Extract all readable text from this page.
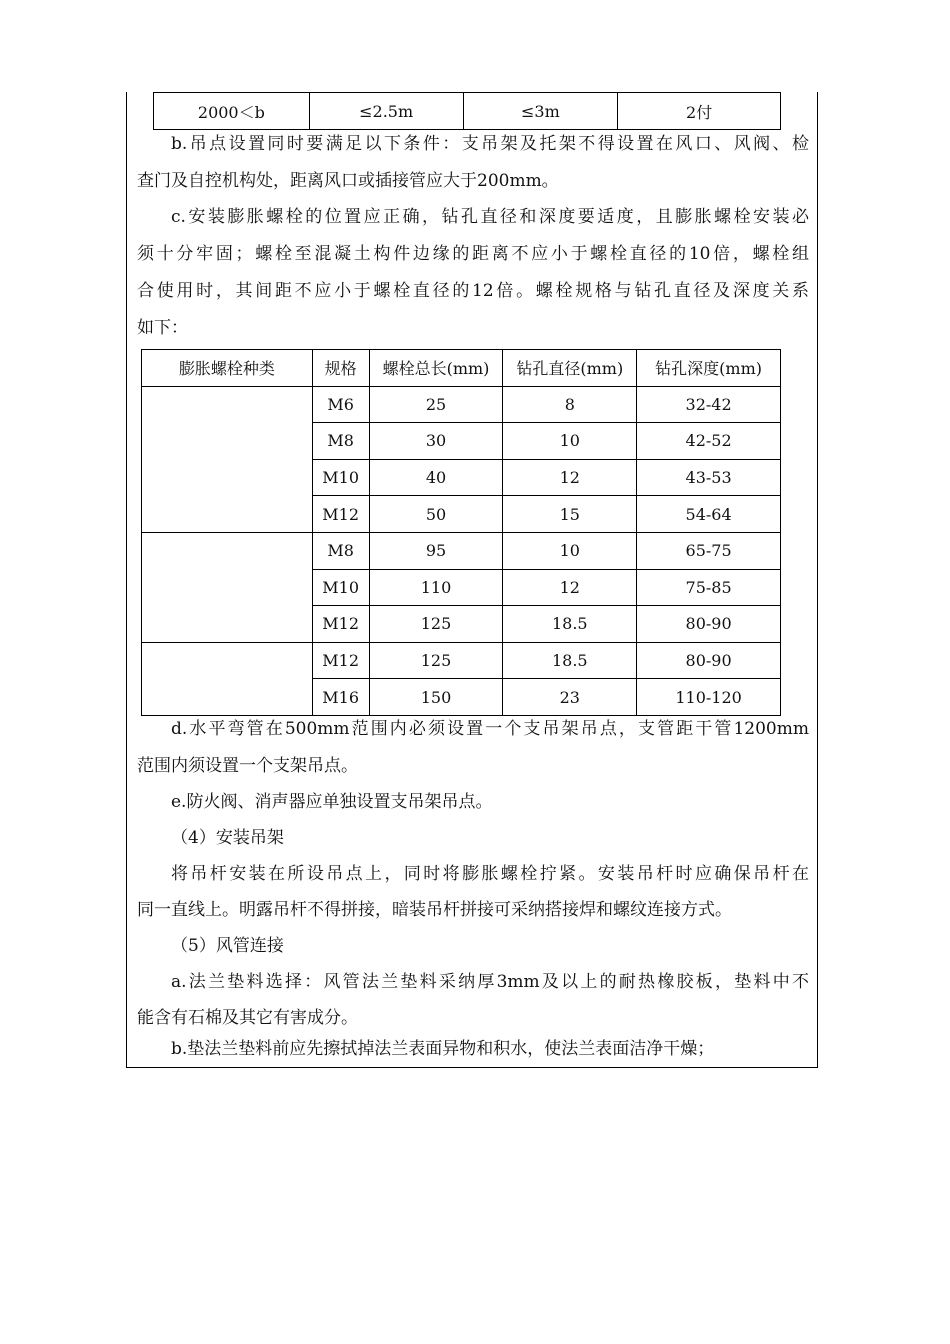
2000＜b	≤2.5m	≤3m	2付

b.吊点设置同时要满足以下条件：支吊架及托架不得设置在风口、风阀、检

查门及自控机构处，距离风口或插接管应大于200mm。

c.安装膨胀螺栓的位置应正确，钻孔直径和深度要适度，且膨胀螺栓安装必

须十分牢固；螺栓至混凝土构件边缘的距离不应小于螺栓直径的10倍，螺栓组

合使用时，其间距不应小于螺栓直径的12倍。螺栓规格与钻孔直径及深度关系

如下：

膨胀螺栓种类	规格	螺栓总长(mm)	钻孔直径(mm)	钻孔深度(mm)
	M6	25	8	32-42
	M8	30	10	42-52
	M10	40	12	43-53
	M12	50	15	54-64
	M8	95	10	65-75
	M10	110	12	75-85
	M12	125	18.5	80-90
	M12	125	18.5	80-90
	M16	150	23	110-120

d.水平弯管在500mm范围内必须设置一个支吊架吊点，支管距干管1200mm

范围内须设置一个支架吊点。

e.防火阀、消声器应单独设置支吊架吊点。

（4）安装吊架

将吊杆安装在所设吊点上，同时将膨胀螺栓拧紧。安装吊杆时应确保吊杆在

同一直线上。明露吊杆不得拼接，暗装吊杆拼接可采纳搭接焊和螺纹连接方式。

（5）风管连接

a.法兰垫料选择：风管法兰垫料采纳厚3mm及以上的耐热橡胶板，垫料中不

能含有石棉及其它有害成分。

b.垫法兰垫料前应先擦拭掉法兰表面异物和积水，使法兰表面洁净干燥；
